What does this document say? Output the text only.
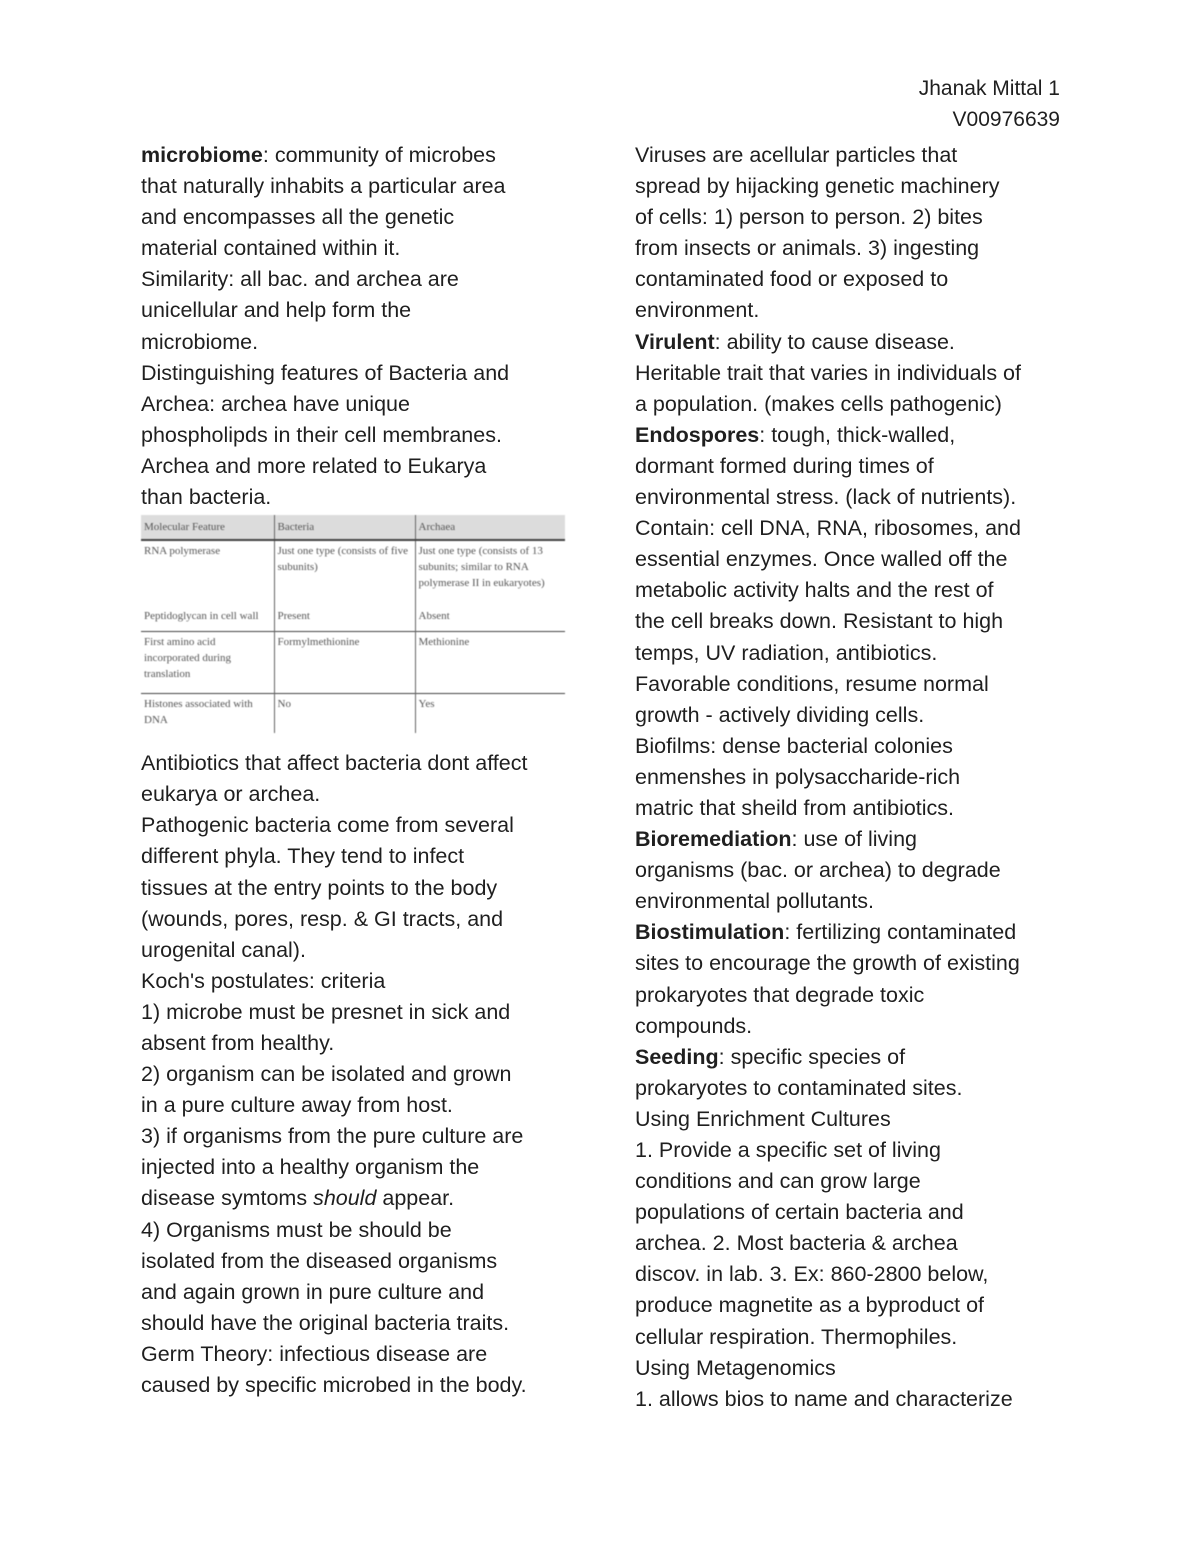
Jhanak Mittal 1
V00976639

microbiome: community of microbes

that naturally inhabits a particular area

and encompasses all the genetic

material contained within it.

Similarity: all bac. and archea are

unicellular and help form the

microbiome.

Distinguishing features of Bacteria and

Archea: archea have unique

phospholipds in their cell membranes.

Archea and more related to Eukarya

than bacteria.

Molecular Feature	Bacteria	Archaea
RNA polymerase	Just one type (consists of five subunits)	Just one type (consists of 13 subunits; similar to RNA polymerase II in eukaryotes)
Peptidoglycan in cell wall	Present	Absent
First amino acid incorporated during translation	Formylmethionine	Methionine
Histones associated with DNA	No	Yes

Antibiotics that affect bacteria dont affect

eukarya or archea.

Pathogenic bacteria come from several

different phyla. They tend to infect

tissues at the entry points to the body

(wounds, pores, resp. & GI tracts, and

urogenital canal).

Koch's postulates: criteria

1) microbe must be presnet in sick and

absent from healthy.

2) organism can be isolated and grown

in a pure culture away from host.

3) if organisms from the pure culture are

injected into a healthy organism the

disease symtoms should appear.

4) Organisms must be should be

isolated from the diseased organisms

and again grown in pure culture and

should have the original bacteria traits.

Germ Theory: infectious disease are

caused by specific microbed in the body.

Viruses are acellular particles that

spread by hijacking genetic machinery

of cells: 1) person to person. 2) bites

from insects or animals. 3) ingesting

contaminated food or exposed to

environment.

Virulent: ability to cause disease.

Heritable trait that varies in individuals of

a population. (makes cells pathogenic)

Endospores: tough, thick-walled,

dormant formed during times of

environmental stress. (lack of nutrients).

Contain: cell DNA, RNA, ribosomes, and

essential enzymes. Once walled off the

metabolic activity halts and the rest of

the cell breaks down. Resistant to high

temps, UV radiation, antibiotics.

Favorable conditions, resume normal

growth - actively dividing cells.

Biofilms: dense bacterial colonies

enmenshes in polysaccharide-rich

matric that sheild from antibiotics.

Bioremediation: use of living

organisms (bac. or archea) to degrade

environmental pollutants.

Biostimulation: fertilizing contaminated

sites to encourage the growth of existing

prokaryotes that degrade toxic

compounds.

Seeding: specific species of

prokaryotes to contaminated sites.

Using Enrichment Cultures

1. Provide a specific set of living

conditions and can grow large

populations of certain bacteria and

archea. 2. Most bacteria & archea

discov. in lab. 3. Ex: 860-2800 below,

produce magnetite as a byproduct of

cellular respiration. Thermophiles.

Using Metagenomics

1. allows bios to name and characterize
